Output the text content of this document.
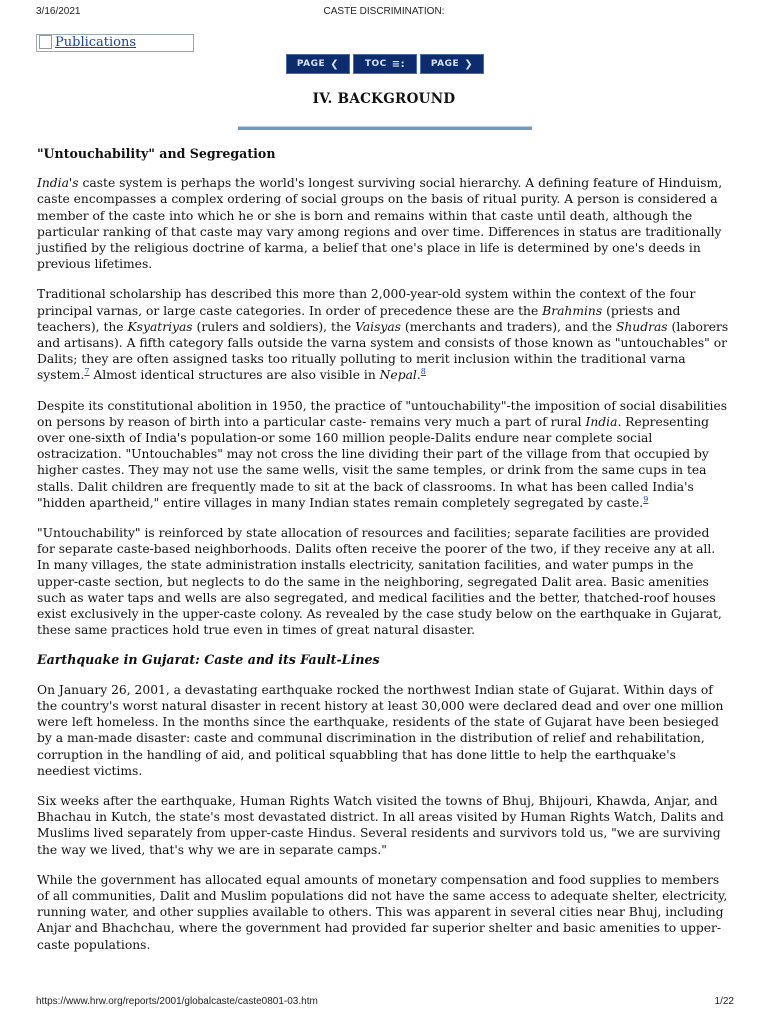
3/16/2021	CASTE DISCRIMINATION:
Publications
PAGE ❮	TOC ≡:	PAGE ❯
IV. BACKGROUND
"Untouchability" and Segregation

India's caste system is perhaps the world's longest surviving social hierarchy. A defining feature of Hinduism, caste encompasses a complex ordering of social groups on the basis of ritual purity. A person is considered a member of the caste into which he or she is born and remains within that caste until death, although the particular ranking of that caste may vary among regions and over time. Differences in status are traditionally justified by the religious doctrine of karma, a belief that one's place in life is determined by one's deeds in previous lifetimes.

Traditional scholarship has described this more than 2,000-year-old system within the context of the four principal varnas, or large caste categories. In order of precedence these are the Brahmins (priests and teachers), the Ksyatriyas (rulers and soldiers), the Vaisyas (merchants and traders), and the Shudras (laborers and artisans). A fifth category falls outside the varna system and consists of those known as "untouchables" or Dalits; they are often assigned tasks too ritually polluting to merit inclusion within the traditional varna system.$^7$ Almost identical structures are also visible in Nepal.$^8$

Despite its constitutional abolition in 1950, the practice of "untouchability"-the imposition of social disabilities on persons by reason of birth into a particular caste- remains very much a part of rural India. Representing over one-sixth of India's population-or some 160 million people-Dalits endure near complete social ostracization. "Untouchables" may not cross the line dividing their part of the village from that occupied by higher castes. They may not use the same wells, visit the same temples, or drink from the same cups in tea stalls. Dalit children are frequently made to sit at the back of classrooms. In what has been called India's "hidden apartheid," entire villages in many Indian states remain completely segregated by caste.$^9$

"Untouchability" is reinforced by state allocation of resources and facilities; separate facilities are provided for separate caste-based neighborhoods. Dalits often receive the poorer of the two, if they receive any at all. In many villages, the state administration installs electricity, sanitation facilities, and water pumps in the upper-caste section, but neglects to do the same in the neighboring, segregated Dalit area. Basic amenities such as water taps and wells are also segregated, and medical facilities and the better, thatched-roof houses exist exclusively in the upper-caste colony. As revealed by the case study below on the earthquake in Gujarat, these same practices hold true even in times of great natural disaster.

Earthquake in Gujarat: Caste and its Fault-Lines

On January 26, 2001, a devastating earthquake rocked the northwest Indian state of Gujarat. Within days of the country's worst natural disaster in recent history at least 30,000 were declared dead and over one million were left homeless. In the months since the earthquake, residents of the state of Gujarat have been besieged by a man-made disaster: caste and communal discrimination in the distribution of relief and rehabilitation, corruption in the handling of aid, and political squabbling that has done little to help the earthquake's neediest victims.

Six weeks after the earthquake, Human Rights Watch visited the towns of Bhuj, Bhijouri, Khawda, Anjar, and Bhachau in Kutch, the state's most devastated district. In all areas visited by Human Rights Watch, Dalits and Muslims lived separately from upper-caste Hindus. Several residents and survivors told us, "we are surviving the way we lived, that's why we are in separate camps."

While the government has allocated equal amounts of monetary compensation and food supplies to members of all communities, Dalit and Muslim populations did not have the same access to adequate shelter, electricity, running water, and other supplies available to others. This was apparent in several cities near Bhuj, including Anjar and Bhachchau, where the government had provided far superior shelter and basic amenities to upper-caste populations.

https://www.hrw.org/reports/2001/globalcaste/caste0801-03.htm	1/22
